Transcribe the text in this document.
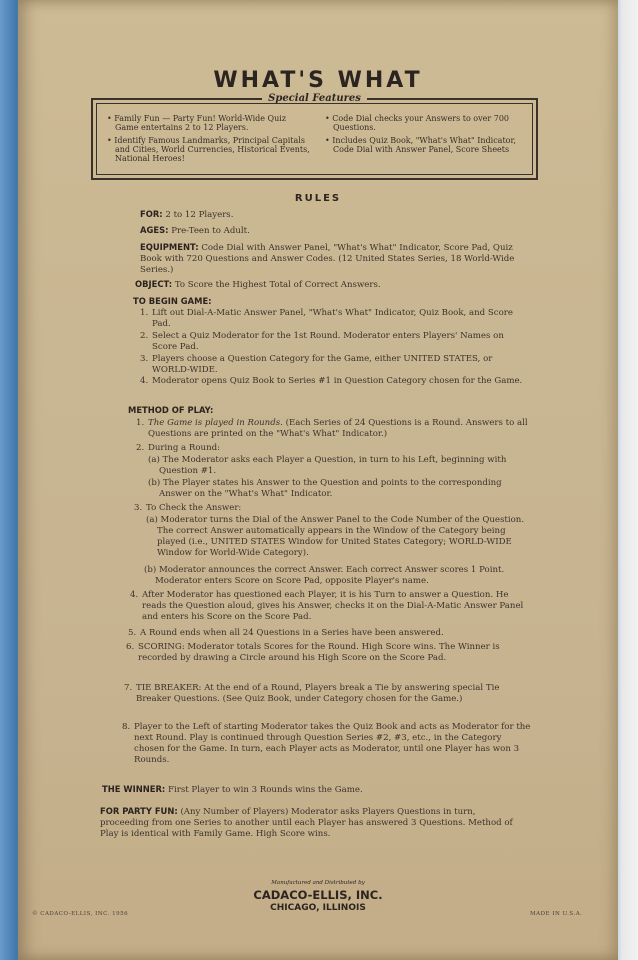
WHAT'S WHAT
Special Features

• Family Fun — Party Fun! World-Wide Quiz Game entertains 2 to 12 Players.

• Identify Famous Landmarks, Principal Capitals and Cities, World Currencies, Historical Events, National Heroes!

• Code Dial checks your Answers to over 700 Questions.

• Includes Quiz Book, "What's What" Indicator, Code Dial with Answer Panel, Score Sheets

RULES
FOR: 2 to 12 Players.
AGES: Pre-Teen to Adult.
EQUIPMENT: Code Dial with Answer Panel, "What's What" Indicator, Score Pad, Quiz Book with 720 Questions and Answer Codes. (12 United States Series, 18 World-Wide Series.)
OBJECT: To Score the Highest Total of Correct Answers.
TO BEGIN GAME:
1. Lift out Dial-A-Matic Answer Panel, "What's What" Indicator, Quiz Book, and Score Pad.
2. Select a Quiz Moderator for the 1st Round. Moderator enters Players' Names on Score Pad.
3. Players choose a Question Category for the Game, either UNITED STATES, or WORLD-WIDE.
4. Moderator opens Quiz Book to Series #1 in Question Category chosen for the Game.
METHOD OF PLAY:
1. The Game is played in Rounds. (Each Series of 24 Questions is a Round. Answers to all Questions are printed on the "What's What" Indicator.)
2. During a Round:
(a) The Moderator asks each Player a Question, in turn to his Left, beginning with Question #1.
(b) The Player states his Answer to the Question and points to the corresponding Answer on the "What's What" Indicator.
3. To Check the Answer:
(a) Moderator turns the Dial of the Answer Panel to the Code Number of the Question. The correct Answer automatically appears in the Window of the Category being played (i.e., UNITED STATES Window for United States Category; WORLD-WIDE Window for World-Wide Category).
(b) Moderator announces the correct Answer. Each correct Answer scores 1 Point. Moderator enters Score on Score Pad, opposite Player's name.
4. After Moderator has questioned each Player, it is his Turn to answer a Question. He reads the Question aloud, gives his Answer, checks it on the Dial-A-Matic Answer Panel and enters his Score on the Score Pad.
5. A Round ends when all 24 Questions in a Series have been answered.
6. SCORING: Moderator totals Scores for the Round. High Score wins. The Winner is recorded by drawing a Circle around his High Score on the Score Pad.
7. TIE BREAKER: At the end of a Round, Players break a Tie by answering special Tie Breaker Questions. (See Quiz Book, under Category chosen for the Game.)
8. Player to the Left of starting Moderator takes the Quiz Book and acts as Moderator for the next Round. Play is continued through Question Series #2, #3, etc., in the Category chosen for the Game. In turn, each Player acts as Moderator, until one Player has won 3 Rounds.
THE WINNER: First Player to win 3 Rounds wins the Game.
FOR PARTY FUN: (Any Number of Players) Moderator asks Players Questions in turn, proceeding from one Series to another until each Player has answered 3 Questions. Method of Play is identical with Family Game. High Score wins.
Manufactured and Distributed by
CADACO-ELLIS, INC.
CHICAGO, ILLINOIS
© CADACO-ELLIS, INC. 1956	MADE IN U.S.A.
